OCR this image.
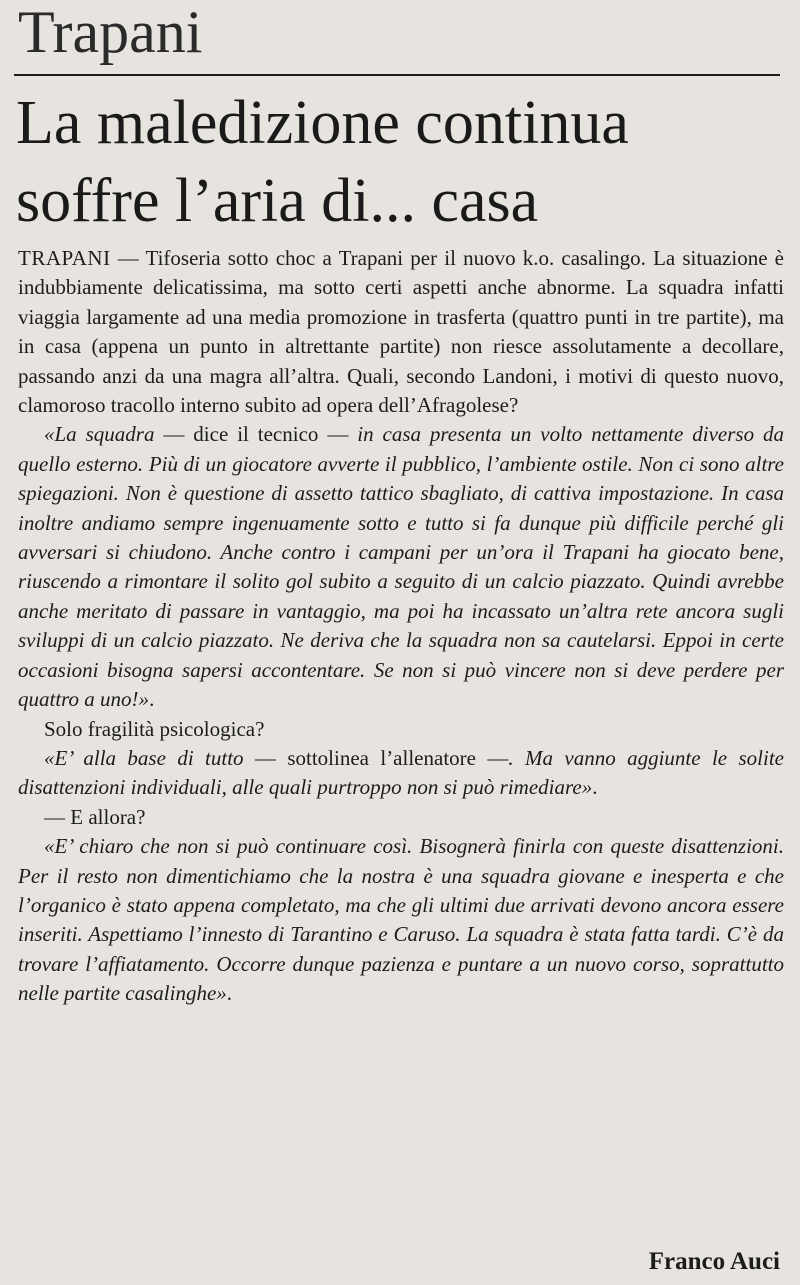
Trapani
La maledizione continua
soffre l’aria di... casa

TRAPANI — Tifoseria sotto choc a Trapani per il nuovo k.o. casalingo. La situazione è indubbiamente delicatissima, ma sotto certi aspetti anche abnorme. La squadra infatti viaggia largamente ad una media promozione in trasferta (quattro punti in tre partite), ma in casa (appena un punto in altrettante partite) non riesce assolutamente a decollare, passando anzi da una magra all’altra. Quali, secondo Landoni, i motivi di questo nuovo, clamoroso tracollo interno subito ad opera dell’Afragolese?

«La squadra — dice il tecnico — in casa presenta un volto nettamente diverso da quello esterno. Più di un giocatore avverte il pubblico, l’ambiente ostile. Non ci sono altre spiegazioni. Non è questione di assetto tattico sbagliato, di cattiva impostazione. In casa inoltre andiamo sempre ingenuamente sotto e tutto si fa dunque più difficile perché gli avversari si chiudono. Anche contro i campani per un’ora il Trapani ha giocato bene, riuscendo a rimontare il solito gol subito a seguito di un calcio piazzato. Quindi avrebbe anche meritato di passare in vantaggio, ma poi ha incassato un’altra rete ancora sugli sviluppi di un calcio piazzato. Ne deriva che la squadra non sa cautelarsi. Eppoi in certe occasioni bisogna sapersi accontentare. Se non si può vincere non si deve perdere per quattro a uno!».

Solo fragilità psicologica?

«E’ alla base di tutto — sottolinea l’allenatore —. Ma vanno aggiunte le solite disattenzioni individuali, alle quali purtroppo non si può rimediare».

— E allora?

«E’ chiaro che non si può continuare così. Bisognerà finirla con queste disattenzioni. Per il resto non dimentichiamo che la nostra è una squadra giovane e inesperta e che l’organico è stato appena completato, ma che gli ultimi due arrivati devono ancora essere inseriti. Aspettiamo l’innesto di Tarantino e Caruso. La squadra è stata fatta tardi. C’è da trovare l’affiatamento. Occorre dunque pazienza e puntare a un nuovo corso, soprattutto nelle partite casalinghe».

Franco Auci
